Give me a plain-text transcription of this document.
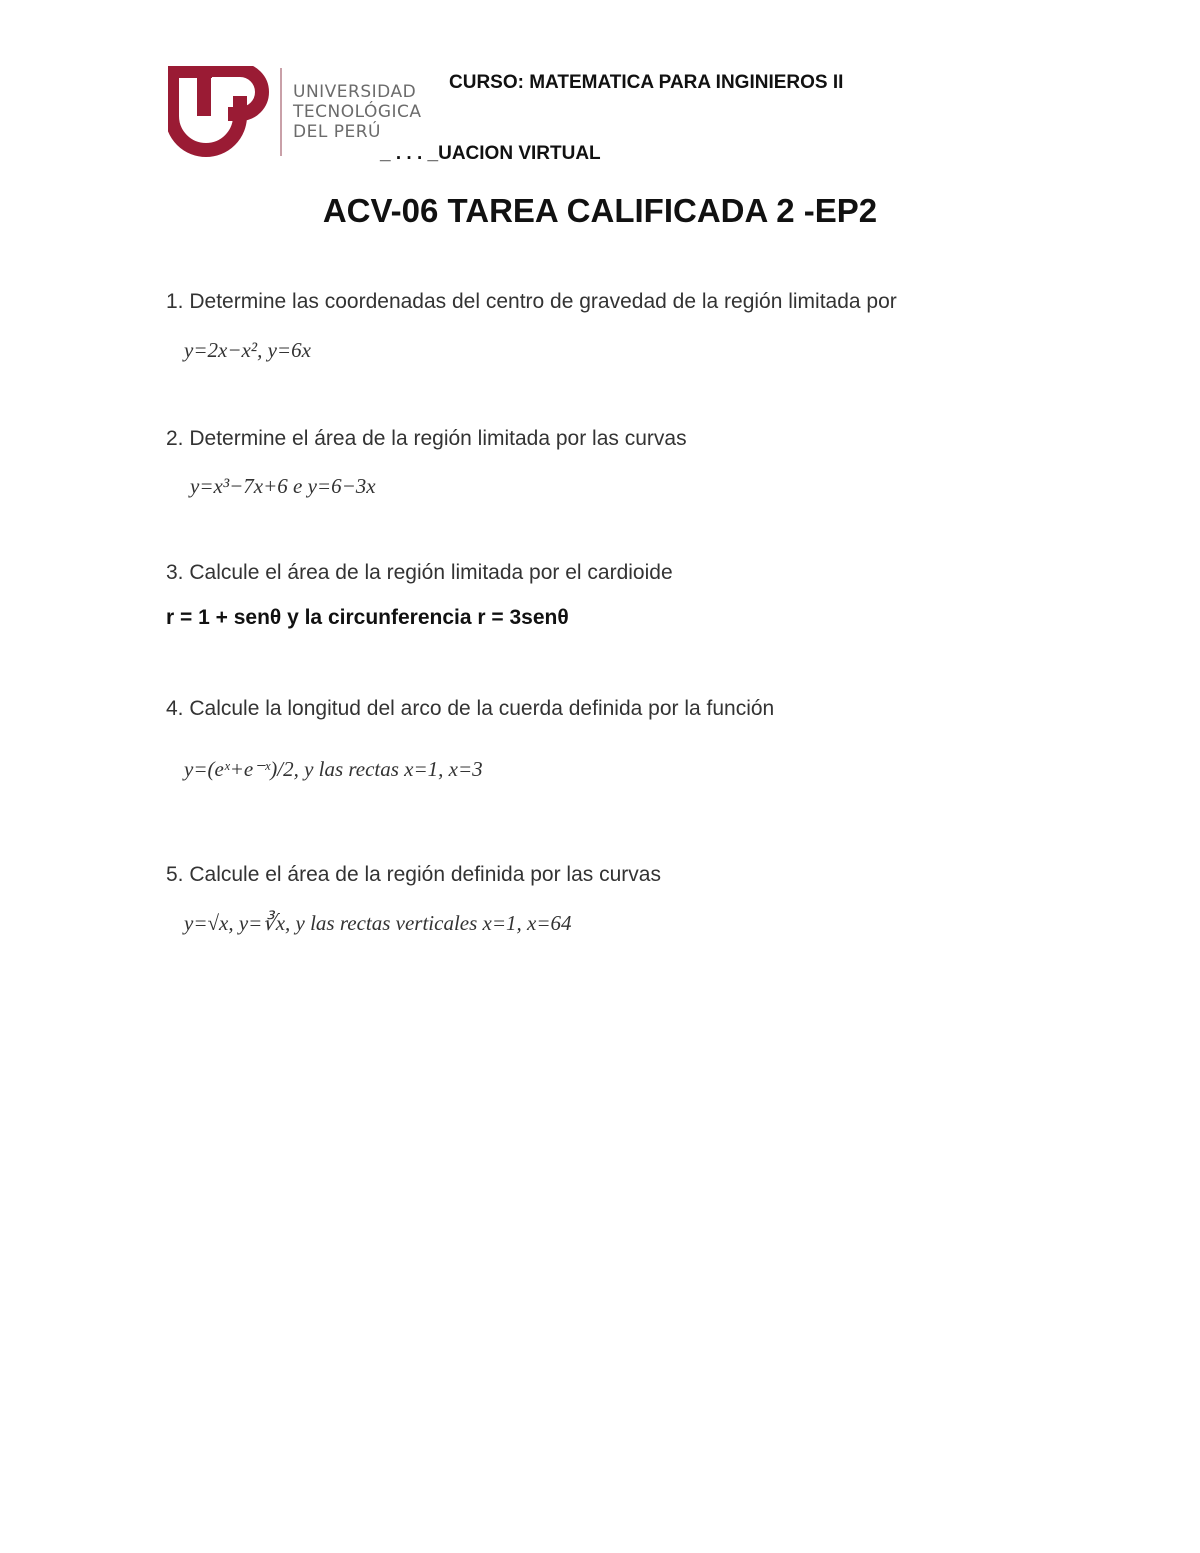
UNIVERSIDAD
TECNOLÓGICA
DEL PERÚ
CURSO: MATEMATICA PARA INGINIEROS II
_ . . . _UACION VIRTUAL
ACV-06 TAREA CALIFICADA 2 -EP2
1. Determine las coordenadas del centro de gravedad de la región limitada por
y=2x−x², y=6x
2. Determine el área de la región limitada por las curvas
y=x³−7x+6 e y=6−3x
3. Calcule el área de la región limitada por el cardioide
r = 1 + senθ y la circunferencia r = 3senθ
4. Calcule la longitud del arco de la cuerda definida por la función
y=(eˣ+e⁻ˣ)/2, y las rectas x=1, x=3
5. Calcule el área de la región definida por las curvas
y=√x, y=∛x, y las rectas verticales x=1, x=64
